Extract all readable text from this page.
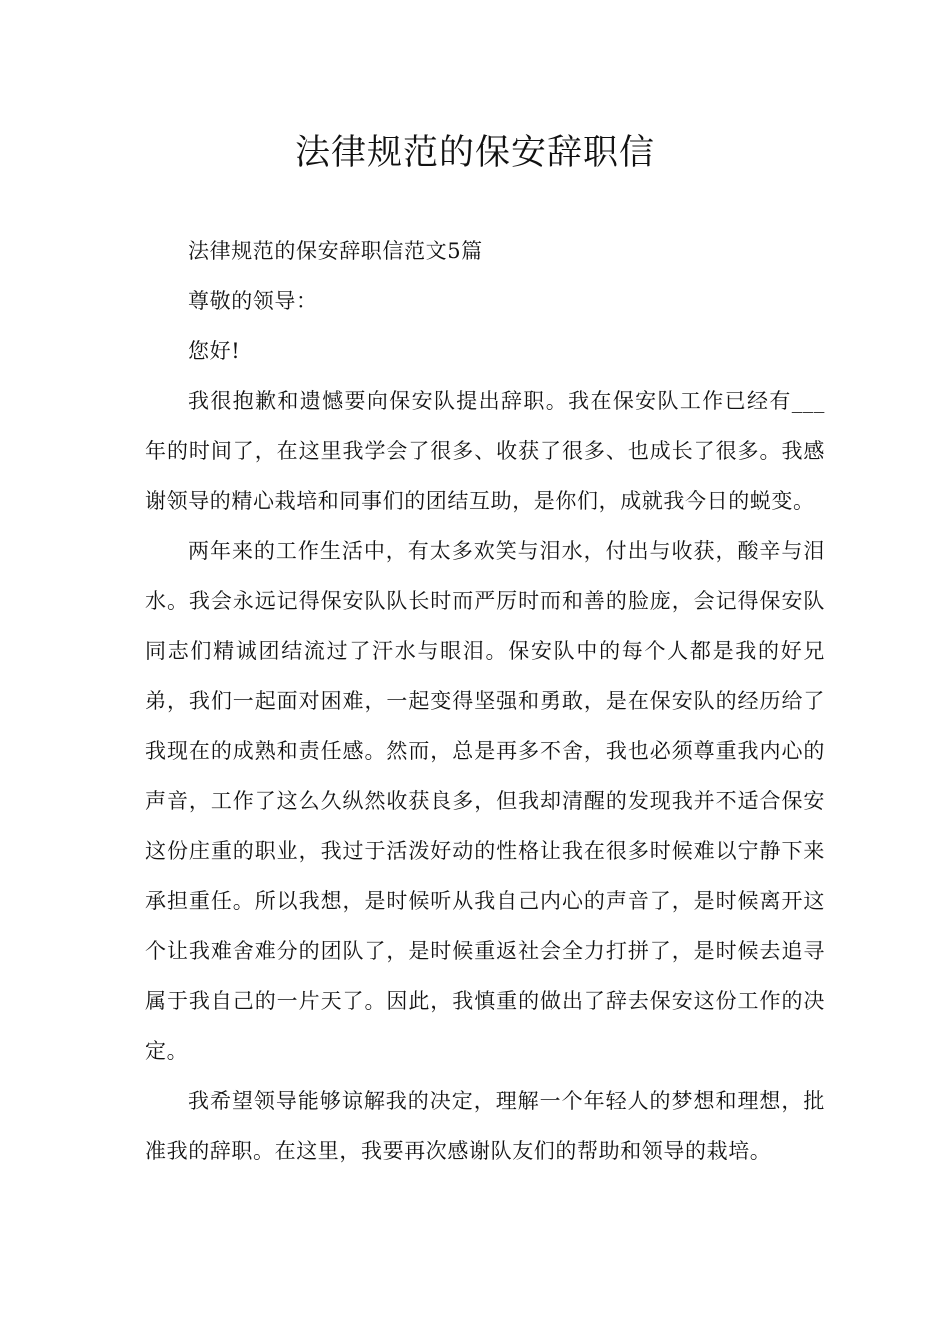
法律规范的保安辞职信

法律规范的保安辞职信范文5篇

尊敬的领导：

您好!

我很抱歉和遗憾要向保安队提出辞职。我在保安队工作已经有___年的时间了，在这里我学会了很多、收获了很多、也成长了很多。我感谢领导的精心栽培和同事们的团结互助，是你们，成就我今日的蜕变。

两年来的工作生活中，有太多欢笑与泪水，付出与收获，酸辛与泪水。我会永远记得保安队队长时而严厉时而和善的脸庞，会记得保安队同志们精诚团结流过了汗水与眼泪。保安队中的每个人都是我的好兄弟，我们一起面对困难，一起变得坚强和勇敢，是在保安队的经历给了我现在的成熟和责任感。然而，总是再多不舍，我也必须尊重我内心的声音，工作了这么久纵然收获良多，但我却清醒的发现我并不适合保安这份庄重的职业，我过于活泼好动的性格让我在很多时候难以宁静下来承担重任。所以我想，是时候听从我自己内心的声音了，是时候离开这个让我难舍难分的团队了，是时候重返社会全力打拼了，是时候去追寻属于我自己的一片天了。因此，我慎重的做出了辞去保安这份工作的决定。

我希望领导能够谅解我的决定，理解一个年轻人的梦想和理想，批准我的辞职。在这里，我要再次感谢队友们的帮助和领导的栽培。
